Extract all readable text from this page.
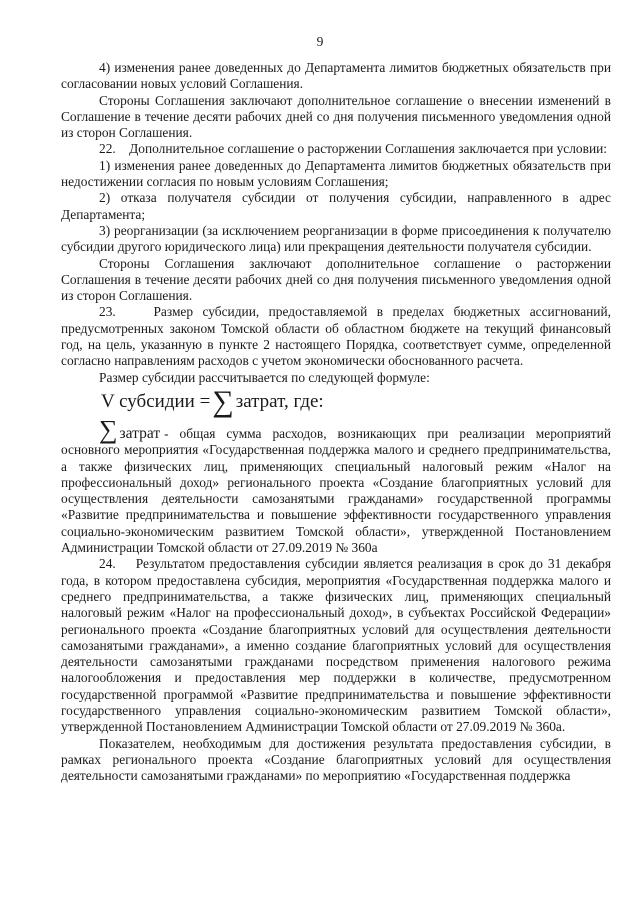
9

4) изменения ранее доведенных до Департамента лимитов бюджетных обязательств при согласовании новых условий Соглашения.

Стороны Соглашения заключают дополнительное соглашение о внесении изменений в Соглашение в течение десяти рабочих дней со дня получения письменного уведомления одной из сторон Соглашения.

22.    Дополнительное соглашение о расторжении Соглашения заключается при условии:

1) изменения ранее доведенных до Департамента лимитов бюджетных обязательств при недостижении согласия по новым условиям Соглашения;

2) отказа получателя субсидии от получения субсидии, направленного в адрес Департамента;

3) реорганизации (за исключением реорганизации в форме присоединения к получателю субсидии другого юридического лица) или прекращения деятельности получателя субсидии.

Стороны Соглашения заключают дополнительное соглашение о расторжении Соглашения в течение десяти рабочих дней со дня получения письменного уведомления одной из сторон Соглашения.

23.    Размер субсидии, предоставляемой в пределах бюджетных ассигнований, предусмотренных законом Томской области об областном бюджете на текущий финансовый год, на цель, указанную в пункте 2 настоящего Порядка, соответствует сумме, определенной согласно направлениям расходов с учетом экономически обоснованного расчета.

Размер субсидии рассчитывается по следующей формуле:

V субсидии = ∑ затрат, где:

∑ затрат - общая сумма расходов, возникающих при реализации мероприятий основного мероприятия «Государственная поддержка малого и среднего предпринимательства, а также физических лиц, применяющих специальный налоговый режим «Налог на профессиональный доход» регионального проекта «Создание благоприятных условий для осуществления деятельности самозанятыми гражданами» государственной программы «Развитие предпринимательства и повышение эффективности государственного управления социально-экономическим развитием Томской области», утвержденной Постановлением Администрации Томской области от 27.09.2019 № 360а

24.    Результатом предоставления субсидии является реализация в срок до 31 декабря года, в котором предоставлена субсидия, мероприятия «Государственная поддержка малого и среднего предпринимательства, а также физических лиц, применяющих специальный налоговый режим «Налог на профессиональный доход», в субъектах Российской Федерации» регионального проекта «Создание благоприятных условий для осуществления деятельности самозанятыми гражданами», а именно создание благоприятных условий для осуществления деятельности самозанятыми гражданами посредством применения налогового режима налогообложения и предоставления мер поддержки в количестве, предусмотренном государственной программой «Развитие предпринимательства и повышение эффективности государственного управления социально-экономическим развитием Томской области», утвержденной Постановлением Администрации Томской области от 27.09.2019 № 360а.

Показателем, необходимым для достижения результата предоставления субсидии, в рамках регионального проекта «Создание благоприятных условий для осуществления деятельности самозанятыми гражданами» по мероприятию «Государственная поддержка
